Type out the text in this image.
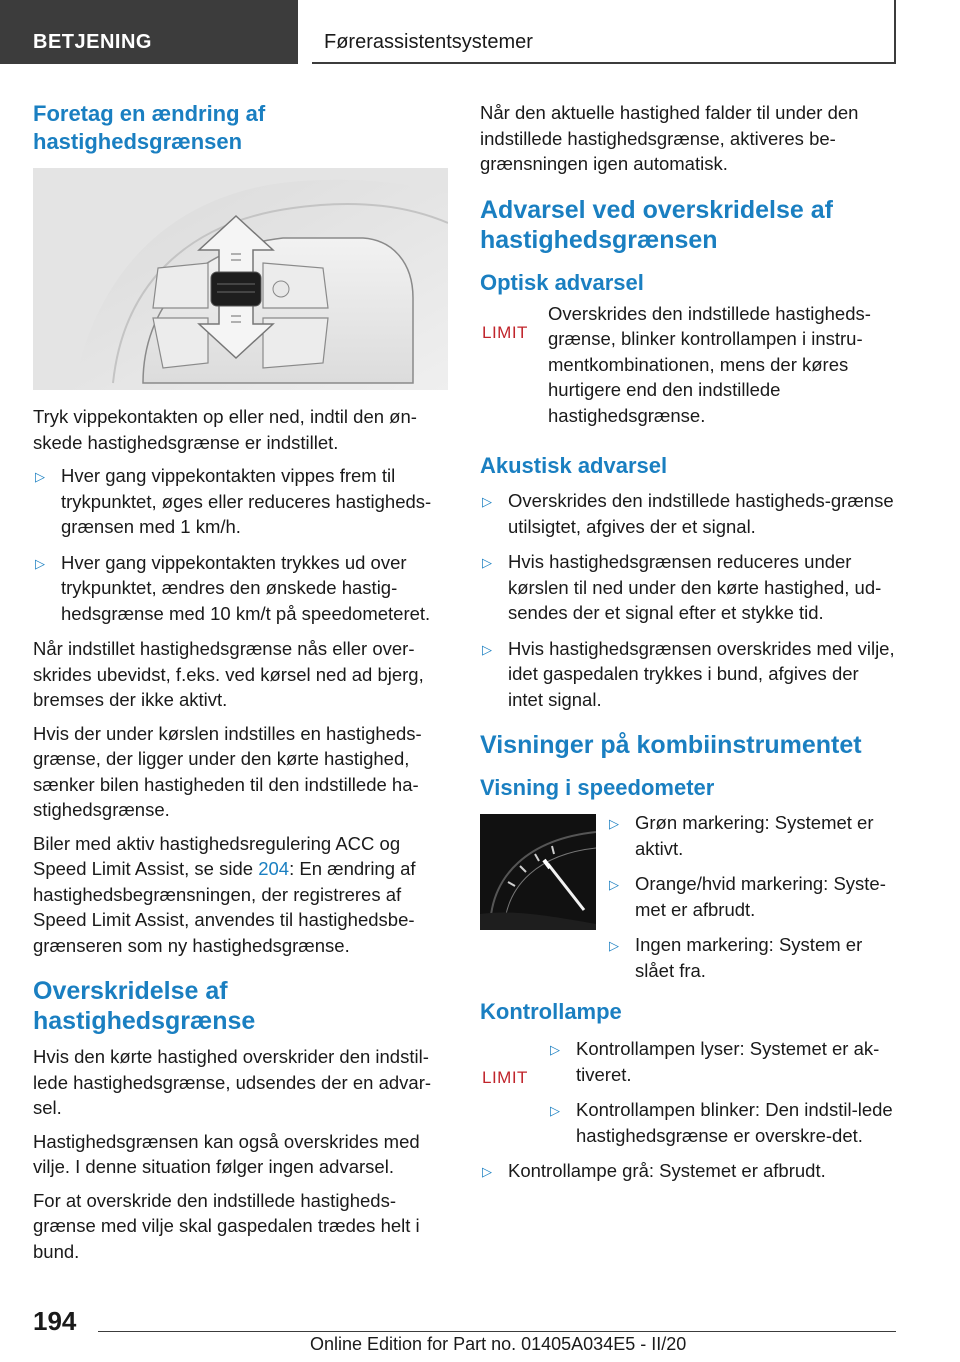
BETJENING	Førerassistentsystemer
Foretag en ændring af
hastighedsgrænsen

Tryk vippekontakten op eller ned, indtil den øn-skede hastighedsgrænse er indstillet.

▷ Hver gang vippekontakten vippes frem til trykpunktet, øges eller reduceres hastigheds-grænsen med 1 km/h.
▷ Hver gang vippekontakten trykkes ud over trykpunktet, ændres den ønskede hastig-hedsgrænse med 10 km/t på speedometeret.

Når indstillet hastighedsgrænse nås eller over-skrides ubevidst, f.eks. ved kørsel ned ad bjerg, bremses der ikke aktivt.

Hvis der under kørslen indstilles en hastigheds-grænse, der ligger under den kørte hastighed, sænker bilen hastigheden til den indstillede ha-stighedsgrænse.

Biler med aktiv hastighedsregulering ACC og Speed Limit Assist, se side 204: En ændring af hastighedsbegrænsningen, der registreres af Speed Limit Assist, anvendes til hastighedsbe-grænseren som ny hastighedsgrænse.

Overskridelse af
hastighedsgrænse

Hvis den kørte hastighed overskrider den indstil-lede hastighedsgrænse, udsendes der en advar-sel.

Hastighedsgrænsen kan også overskrides med vilje. I denne situation følger ingen advarsel.

For at overskride den indstillede hastigheds-grænse med vilje skal gaspedalen trædes helt i bund.

Når den aktuelle hastighed falder til under den indstillede hastighedsgrænse, aktiveres be-grænsningen igen automatisk.

Advarsel ved overskridelse af
hastighedsgrænsen
Optisk advarsel
LIMIT

Overskrides den indstillede hastigheds-grænse, blinker kontrollampen i instru-mentkombinationen, mens der køres hurtigere end den indstillede hastighedsgrænse.

Akustisk advarsel
▷ Overskrides den indstillede hastigheds-grænse utilsigtet, afgives der et signal.
▷ Hvis hastighedsgrænsen reduceres under kørslen til ned under den kørte hastighed, ud-sendes der et signal efter et stykke tid.
▷ Hvis hastighedsgrænsen overskrides med vilje, idet gaspedalen trykkes i bund, afgives der intet signal.
Visninger på kombiinstrumentet
Visning i speedometer
▷ Grøn markering: Systemet er aktivt.
▷ Orange/hvid markering: Syste-met er afbrudt.
▷ Ingen markering: System er slået fra.
Kontrollampe
LIMIT
▷ Kontrollampen lyser: Systemet er ak-tiveret.
▷ Kontrollampen blinker: Den indstil-lede hastighedsgrænse er overskre-det.
▷ Kontrollampe grå: Systemet er afbrudt.
194
Online Edition for Part no. 01405A034E5 - II/20
